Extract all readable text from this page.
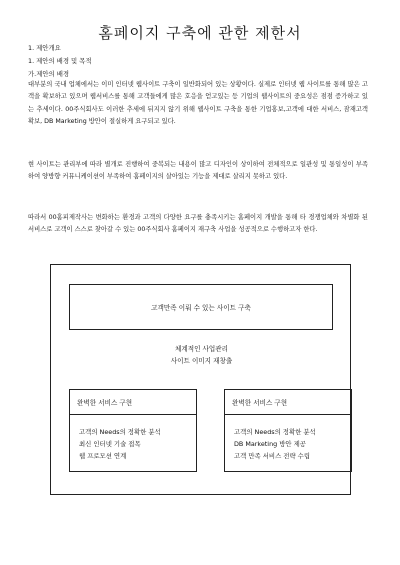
홈페이지 구축에 관한 제한서
1. 제안개요
1. 제안의 배경 및 목적
가.제안의 배경

대부분의 국내 업체에서는 이미 인터넷 웹사이트 구축이 일반화되어 있는 상황이다. 실제로 인터넷 웹 사이트를 통해 많은 고객을 확보하고 있으며 웹서비스를 통해 고객들에게 많은 호응을 얻고있는 등 기업의 웹사이트의 중요성은 점점 증가하고 있는 추세이다. 00주식회사도 이러한 추세에 뒤지지 않기 위해 웹사이트 구축을 통한 기업홍보,고객에 대한 서비스, 잠재고객 확보, DB Marketing 방안이 절실하게 요구되고 있다.

현 사이트는 관리부에 따라 별개로 진행하여 중복되는 내용이 많고 디자인이 상이하여 전체적으로 일관성 및 통일성이 부족하여 양방향 커뮤니케이션이 부족하여 홈페이지의 살아있는 기능을 제대로 살리지 못하고 있다.

따라서 00홈피제작사는 변화하는 환경과 고객의 다양한 요구를 충족시키는 홈페이지 개발을 통해 타 경쟁업체와 차별화 된 서비스로 고객이 스스로 찾아갈 수 있는 00주식회사 홈페이지 재구축 사업을 성공적으로 수행하고자 한다.

고객만족 이뤄 수 있는 사이트 구축
체계적인 사업관리
사이트 이미지 재창출
완벽한 서비스 구현
고객의 Needs의 정확한 분석
최신 인터넷 기술 접목
웹 프로모션 연계
완벽한 서비스 구현
고객의 Needs의 정확한 분석
DB Marketing 방안 제공
고객 만족 서비스 전략 수립
